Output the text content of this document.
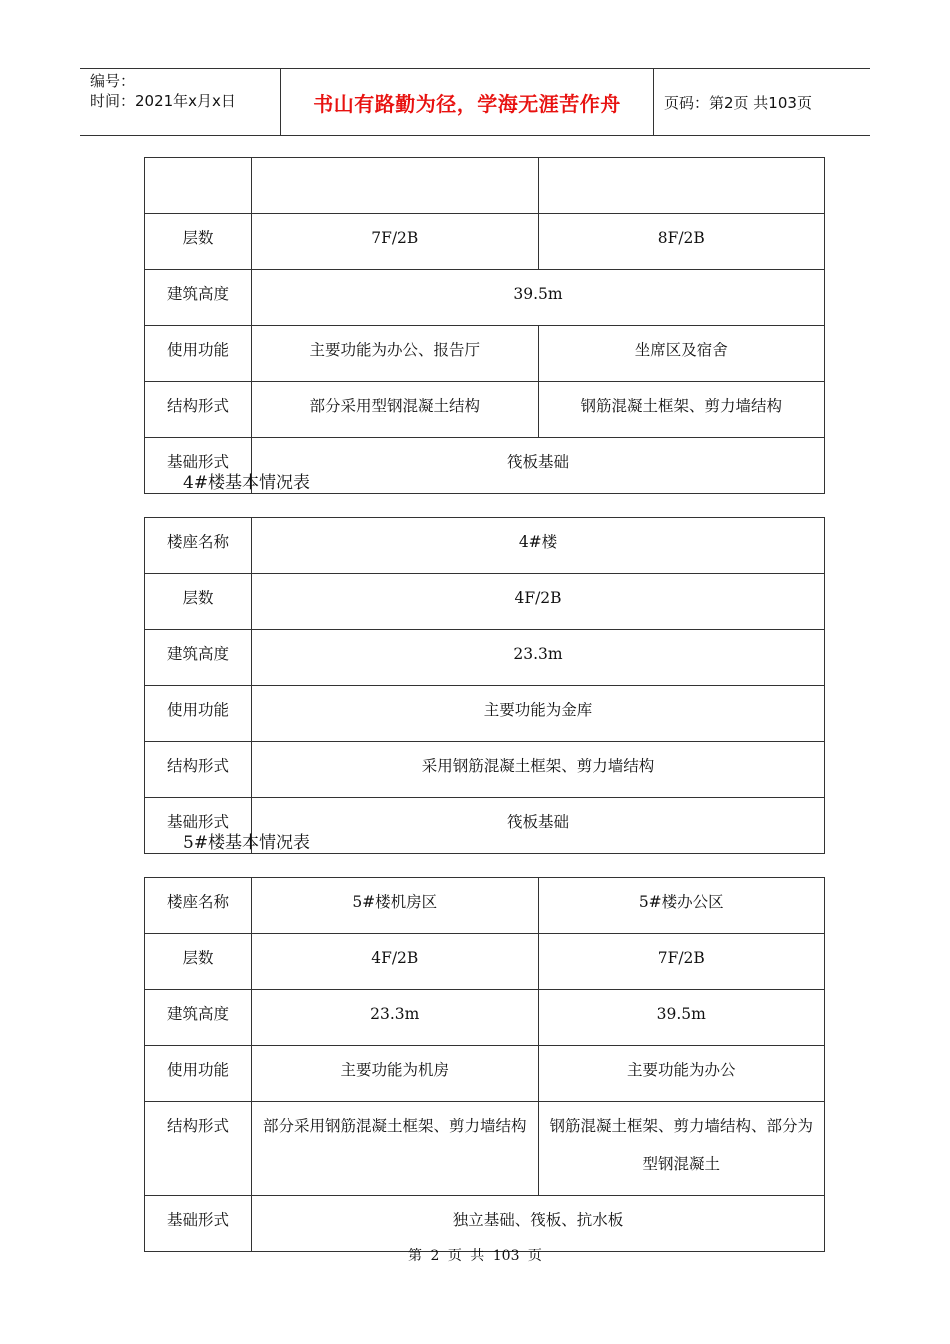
编号：
时间：2021年x月x日	书山有路勤为径，学海无涯苦作舟	页码：第2页 共103页

层数	7F/2B	8F/2B
建筑高度	39.5m	
使用功能	主要功能为办公、报告厅	坐席区及宿舍
结构形式	部分采用型钢混凝土结构	钢筋混凝土框架、剪力墙结构
基础形式	筏板基础	
4#楼基本情况表
楼座名称	4#楼
层数	4F/2B
建筑高度	23.3m
使用功能	主要功能为金库
结构形式	采用钢筋混凝土框架、剪力墙结构
基础形式	筏板基础
5#楼基本情况表
楼座名称	5#楼机房区	5#楼办公区
层数	4F/2B	7F/2B
建筑高度	23.3m	39.5m
使用功能	主要功能为机房	主要功能为办公
结构形式	部分采用钢筋混凝土框架、剪力墙结构	钢筋混凝土框架、剪力墙结构、部分为型钢混凝土
基础形式	独立基础、筏板、抗水板	
第 2 页 共 103 页
